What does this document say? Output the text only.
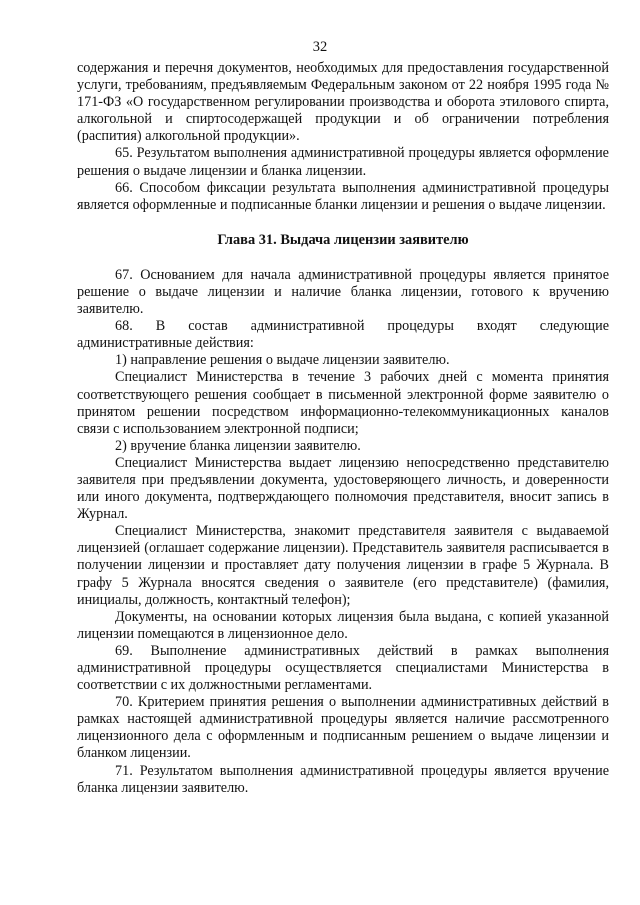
32

содержания и перечня документов, необходимых для предоставления государственной услуги, требованиям, предъявляемым Федеральным законом от 22 ноября 1995 года № 171-ФЗ «О государственном регулировании производства и оборота этилового спирта, алкогольной и спиртосодержащей продукции и об ограничении потребления (распития) алкогольной продукции».

65. Результатом выполнения административной процедуры является оформление решения о выдаче лицензии и бланка лицензии.

66. Способом фиксации результата выполнения административной процедуры является оформленные и подписанные бланки лицензии и решения о выдаче лицензии.

Глава 31. Выдача лицензии заявителю

67. Основанием для начала административной процедуры является принятое решение о выдаче лицензии и наличие бланка лицензии, готового к вручению заявителю.

68. В состав административной процедуры входят следующие административные действия:

1) направление решения о выдаче лицензии заявителю.

Специалист Министерства в течение 3 рабочих дней с момента принятия соответствующего решения сообщает в письменной электронной форме заявителю о принятом решении посредством информационно-телекоммуникационных каналов связи с использованием электронной подписи;

2) вручение бланка лицензии заявителю.

Специалист Министерства выдает лицензию непосредственно представителю заявителя при предъявлении документа, удостоверяющего личность, и доверенности или иного документа, подтверждающего полномочия представителя, вносит запись в Журнал.

Специалист Министерства, знакомит представителя заявителя с выдаваемой лицензией (оглашает содержание лицензии). Представитель заявителя расписывается в получении лицензии и проставляет дату получения лицензии в графе 5 Журнала. В графу 5 Журнала вносятся сведения о заявителе (его представителе) (фамилия, инициалы, должность, контактный телефон);

Документы, на основании которых лицензия была выдана, с копией указанной лицензии помещаются в лицензионное дело.

69. Выполнение административных действий в рамках выполнения административной процедуры осуществляется специалистами Министерства в соответствии с их должностными регламентами.

70. Критерием принятия решения о выполнении административных действий в рамках настоящей административной процедуры является наличие рассмотренного лицензионного дела с оформленным и подписанным решением о выдаче лицензии и бланком лицензии.

71. Результатом выполнения административной процедуры является вручение бланка лицензии заявителю.
